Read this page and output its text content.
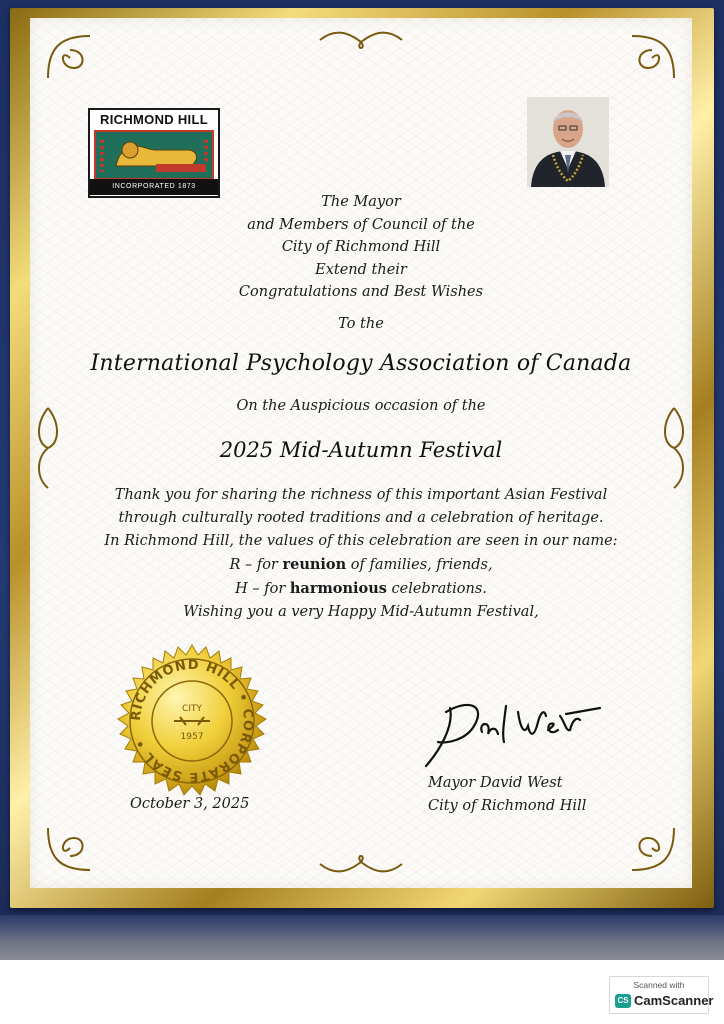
RICHMOND HILL
INCORPORATED 1873
The Mayor
and Members of Council of the
City of Richmond Hill
Extend their
Congratulations and Best Wishes
To the
International Psychology Association of Canada
On the Auspicious occasion of the
2025 Mid-Autumn Festival
Thank you for sharing the richness of this important Asian Festival
through culturally rooted traditions and a celebration of heritage.
In Richmond Hill, the values of this celebration are seen in our name:
R – for reunion of families, friends,
H – for harmonious celebrations.
Wishing you a very Happy Mid-Autumn Festival,
RICHMOND HILL • CORPORATE SEAL •
CITY
1957
October 3, 2025
Mayor David West
City of Richmond Hill
Scanned with
CS CamScanner
